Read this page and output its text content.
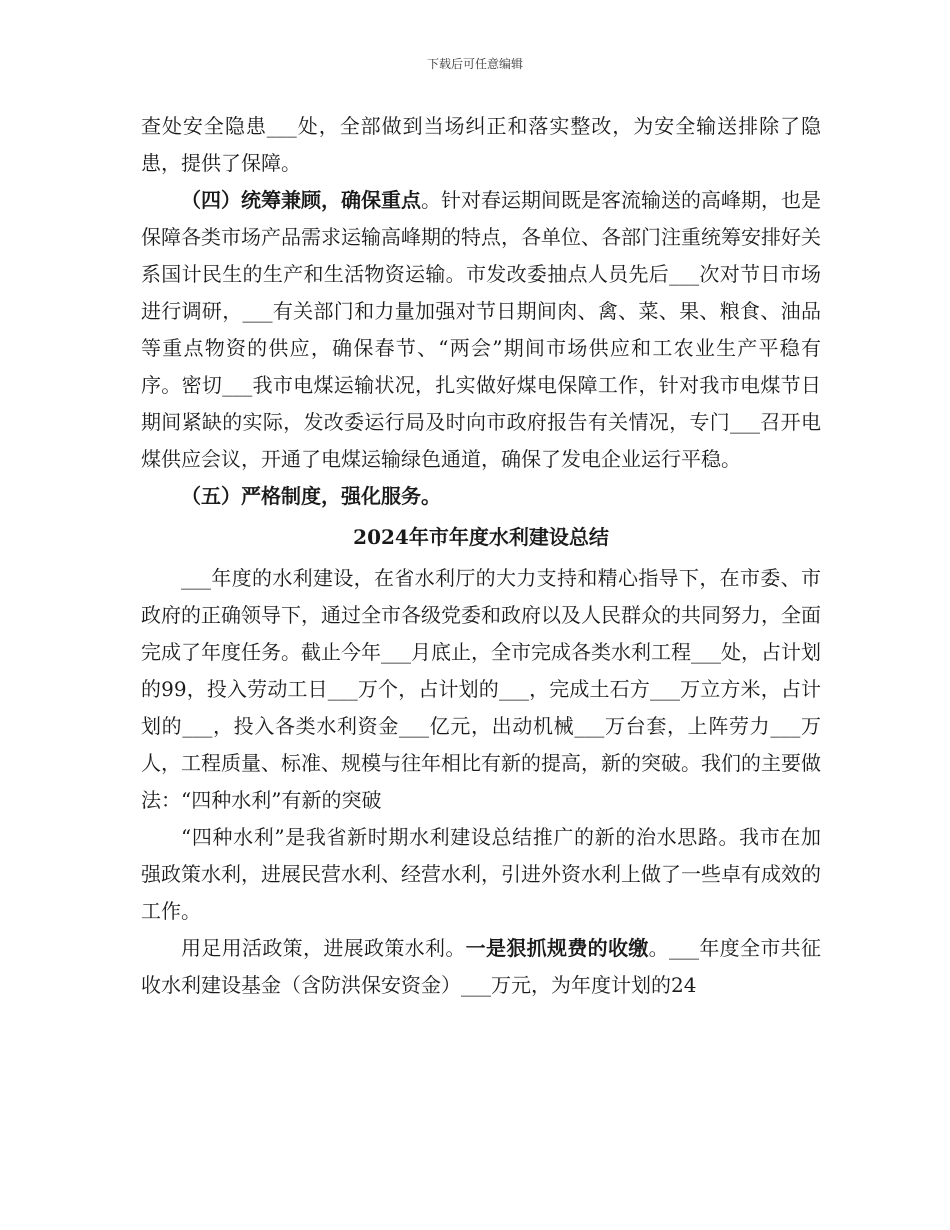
下载后可任意编辑

查处安全隐患___处，全部做到当场纠正和落实整改，为安全输送排除了隐患，提供了保障。

（四）统筹兼顾，确保重点。针对春运期间既是客流输送的高峰期，也是保障各类市场产品需求运输高峰期的特点，各单位、各部门注重统筹安排好关系国计民生的生产和生活物资运输。市发改委抽点人员先后___次对节日市场进行调研，___有关部门和力量加强对节日期间肉、禽、菜、果、粮食、油品等重点物资的供应，确保春节、“两会”期间市场供应和工农业生产平稳有序。密切___我市电煤运输状况，扎实做好煤电保障工作，针对我市电煤节日期间紧缺的实际，发改委运行局及时向市政府报告有关情况，专门___召开电煤供应会议，开通了电煤运输绿色通道，确保了发电企业运行平稳。

（五）严格制度，强化服务。

2024年市年度水利建设总结

___年度的水利建设，在省水利厅的大力支持和精心指导下，在市委、市政府的正确领导下，通过全市各级党委和政府以及人民群众的共同努力，全面完成了年度任务。截止今年___月底止，全市完成各类水利工程___处，占计划的99，投入劳动工日___万个，占计划的___，完成土石方___万立方米，占计划的___，投入各类水利资金___亿元，出动机械___万台套，上阵劳力___万人，工程质量、标准、规模与往年相比有新的提高，新的突破。我们的主要做法：“四种水利”有新的突破

“四种水利”是我省新时期水利建设总结推广的新的治水思路。我市在加强政策水利，进展民营水利、经营水利，引进外资水利上做了一些卓有成效的工作。

用足用活政策，进展政策水利。一是狠抓规费的收缴。___年度全市共征收水利建设基金（含防洪保安资金）___万元，为年度计划的24
